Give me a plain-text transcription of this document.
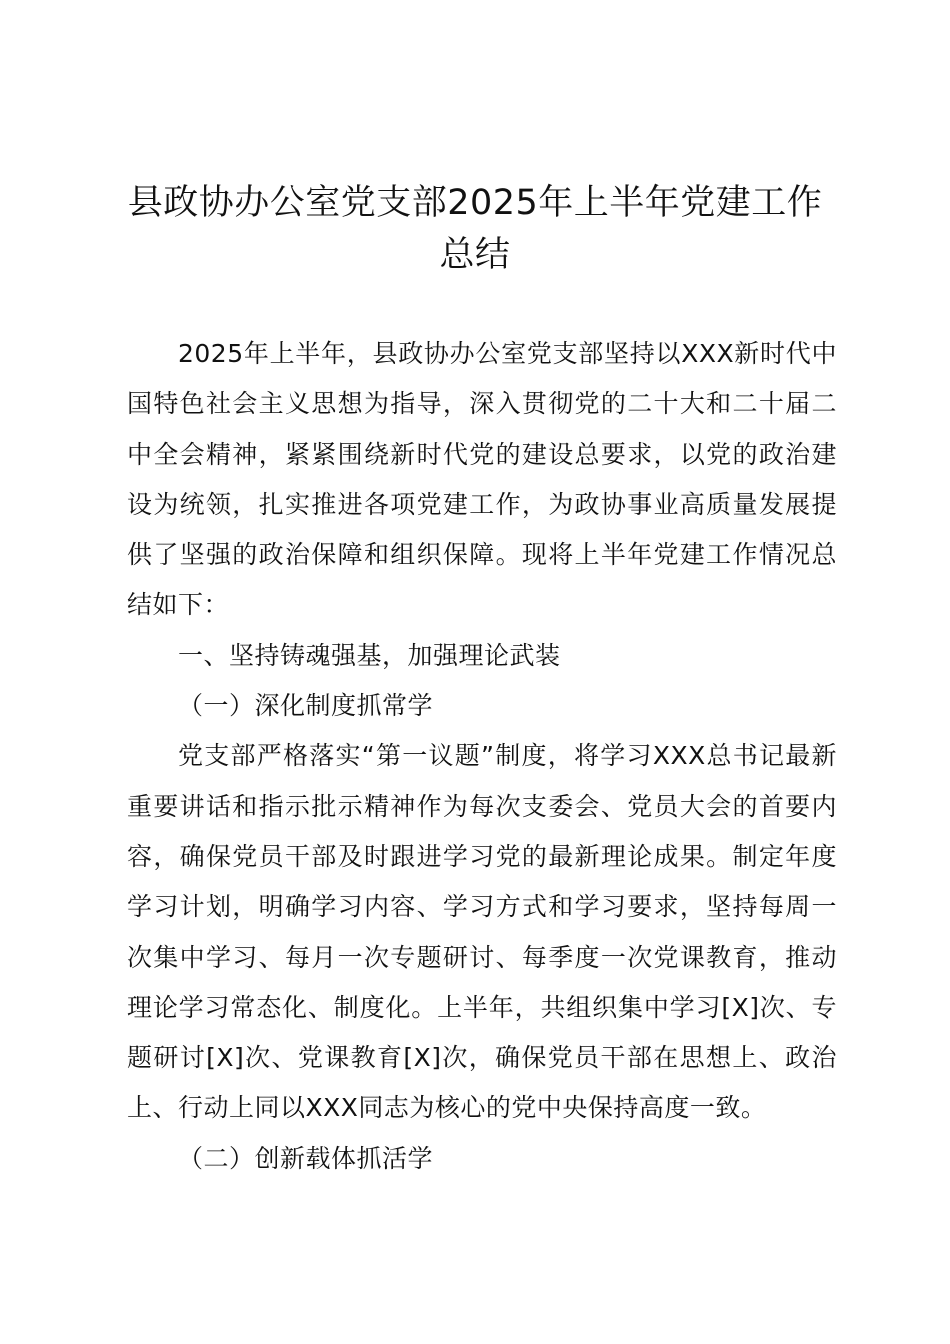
县政协办公室党支部2025年上半年党建工作
总结

2025年上半年，县政协办公室党支部坚持以XXX新时代中国特色社会主义思想为指导，深入贯彻党的二十大和二十届二中全会精神，紧紧围绕新时代党的建设总要求，以党的政治建设为统领，扎实推进各项党建工作，为政协事业高质量发展提供了坚强的政治保障和组织保障。现将上半年党建工作情况总结如下：

一、坚持铸魂强基，加强理论武装

（一）深化制度抓常学

党支部严格落实“第一议题”制度，将学习XXX总书记最新重要讲话和指示批示精神作为每次支委会、党员大会的首要内容，确保党员干部及时跟进学习党的最新理论成果。制定年度学习计划，明确学习内容、学习方式和学习要求，坚持每周一次集中学习、每月一次专题研讨、每季度一次党课教育，推动理论学习常态化、制度化。上半年，共组织集中学习[X]次、专题研讨[X]次、党课教育[X]次，确保党员干部在思想上、政治上、行动上同以XXX同志为核心的党中央保持高度一致。

（二）创新载体抓活学
